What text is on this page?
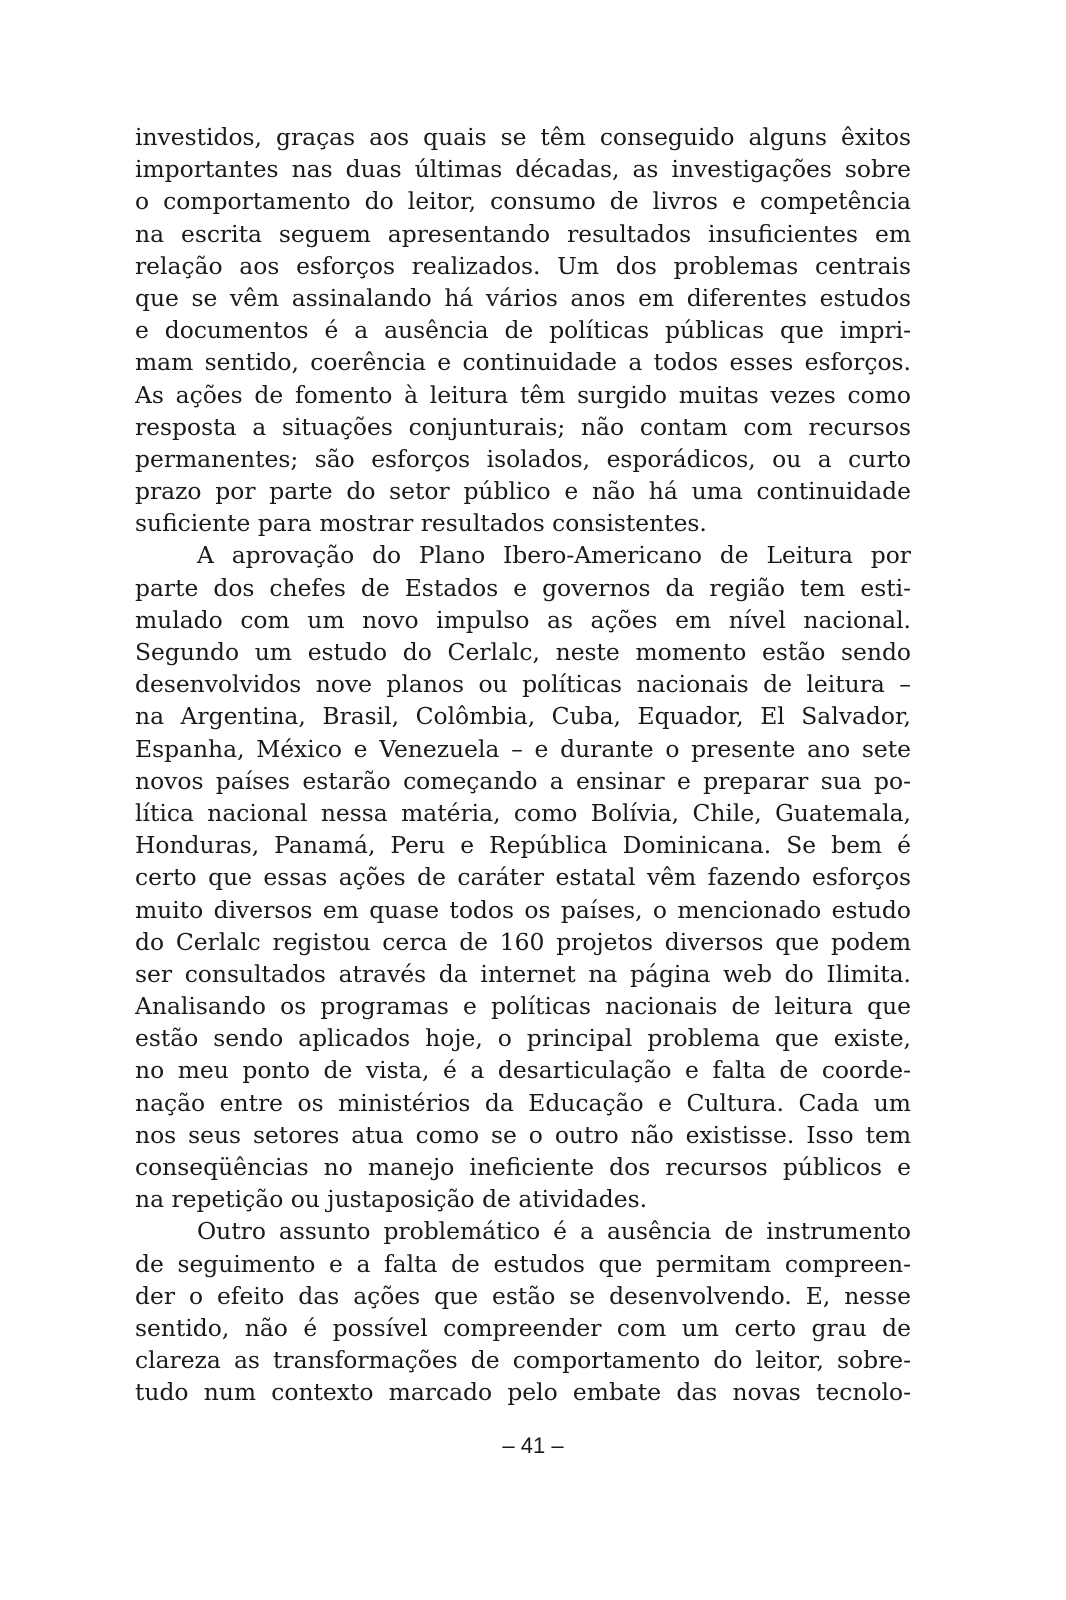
investidos, graças aos quais se têm conseguido alguns êxitos
importantes nas duas últimas décadas, as investigações sobre
o comportamento do leitor, consumo de livros e competência
na escrita seguem apresentando resultados insuficientes em
relação aos esforços realizados. Um dos problemas centrais
que se vêm assinalando há vários anos em diferentes estudos
e documentos é a ausência de políticas públicas que impri-
mam sentido, coerência e continuidade a todos esses esforços.
As ações de fomento à leitura têm surgido muitas vezes como
resposta a situações conjunturais; não contam com recursos
permanentes; são esforços isolados, esporádicos, ou a curto
prazo por parte do setor público e não há uma continuidade
suficiente para mostrar resultados consistentes.
A aprovação do Plano Ibero-Americano de Leitura por
parte dos chefes de Estados e governos da região tem esti-
mulado com um novo impulso as ações em nível nacional.
Segundo um estudo do Cerlalc, neste momento estão sendo
desenvolvidos nove planos ou políticas nacionais de leitura –
na Argentina, Brasil, Colômbia, Cuba, Equador, El Salvador,
Espanha, México e Venezuela – e durante o presente ano sete
novos países estarão começando a ensinar e preparar sua po-
lítica nacional nessa matéria, como Bolívia, Chile, Guatemala,
Honduras, Panamá, Peru e República Dominicana. Se bem é
certo que essas ações de caráter estatal vêm fazendo esforços
muito diversos em quase todos os países, o mencionado estudo
do Cerlalc registou cerca de 160 projetos diversos que podem
ser consultados através da internet na página web do Ilimita.
Analisando os programas e políticas nacionais de leitura que
estão sendo aplicados hoje, o principal problema que existe,
no meu ponto de vista, é a desarticulação e falta de coorde-
nação entre os ministérios da Educação e Cultura. Cada um
nos seus setores atua como se o outro não existisse. Isso tem
conseqüências no manejo ineficiente dos recursos públicos e
na repetição ou justaposição de atividades.
Outro assunto problemático é a ausência de instrumento
de seguimento e a falta de estudos que permitam compreen-
der o efeito das ações que estão se desenvolvendo. E, nesse
sentido, não é possível compreender com um certo grau de
clareza as transformações de comportamento do leitor, sobre-
tudo num contexto marcado pelo embate das novas tecnolo-
– 41 –
